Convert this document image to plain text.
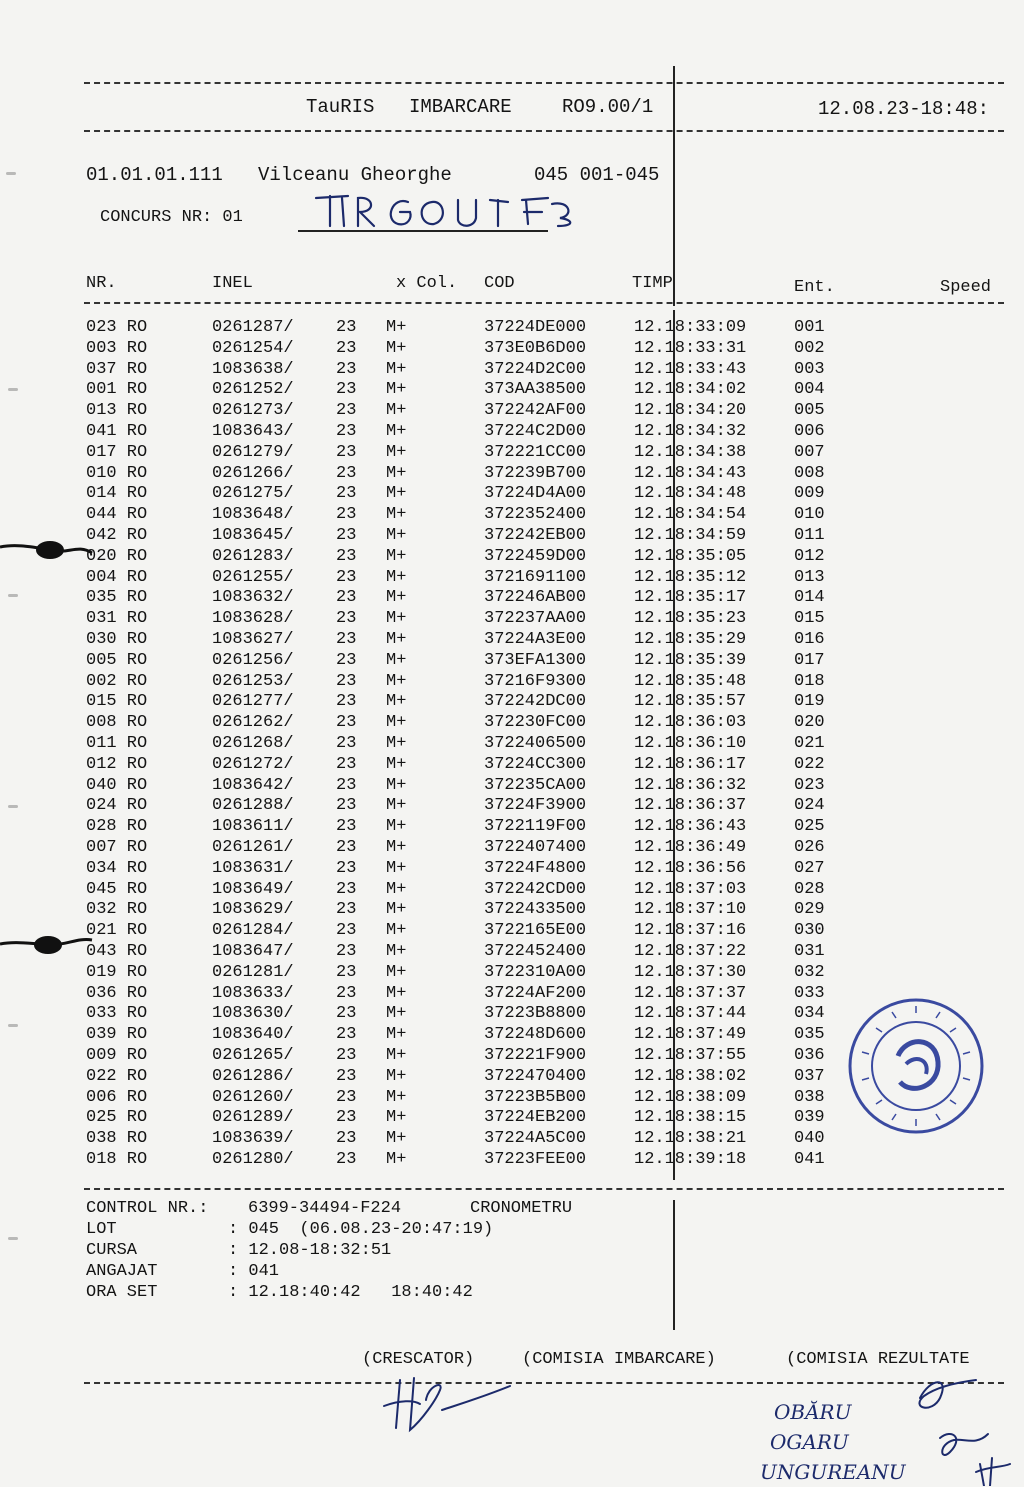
TauRIS IMBARCARE	RO9.00/1	12.08.23-18:48:
01.01.01.111 Vilceanu Gheorghe	045 001-045
CONCURS NR: 01
NR.	INEL	x Col. COD	TIMP	Ent.	Speed
023 RO	0261287/ 23 M+	37224DE000	12.18:33:09	001
003 RO	0261254/ 23 M+	373E0B6D00	12.18:33:31	002
037 RO	1083638/ 23 M+	37224D2C00	12.18:33:43	003
001 RO	0261252/ 23 M+	373AA38500	12.18:34:02	004
013 RO	0261273/ 23 M+	372242AF00	12.18:34:20	005
041 RO	1083643/ 23 M+	37224C2D00	12.18:34:32	006
017 RO	0261279/ 23 M+	372221CC00	12.18:34:38	007
010 RO	0261266/ 23 M+	372239B700	12.18:34:43	008
014 RO	0261275/ 23 M+	37224D4A00	12.18:34:48	009
044 RO	1083648/ 23 M+	3722352400	12.18:34:54	010
042 RO	1083645/ 23 M+	372242EB00	12.18:34:59	011
020 RO	0261283/ 23 M+	3722459D00	12.18:35:05	012
004 RO	0261255/ 23 M+	3721691100	12.18:35:12	013
035 RO	1083632/ 23 M+	372246AB00	12.18:35:17	014
031 RO	1083628/ 23 M+	372237AA00	12.18:35:23	015
030 RO	1083627/ 23 M+	37224A3E00	12.18:35:29	016
005 RO	0261256/ 23 M+	373EFA1300	12.18:35:39	017
002 RO	0261253/ 23 M+	37216F9300	12.18:35:48	018
015 RO	0261277/ 23 M+	372242DC00	12.18:35:57	019
008 RO	0261262/ 23 M+	372230FC00	12.18:36:03	020
011 RO	0261268/ 23 M+	3722406500	12.18:36:10	021
012 RO	0261272/ 23 M+	37224CC300	12.18:36:17	022
040 RO	1083642/ 23 M+	372235CA00	12.18:36:32	023
024 RO	0261288/ 23 M+	37224F3900	12.18:36:37	024
028 RO	1083611/ 23 M+	3722119F00	12.18:36:43	025
007 RO	0261261/ 23 M+	3722407400	12.18:36:49	026
034 RO	1083631/ 23 M+	37224F4800	12.18:36:56	027
045 RO	1083649/ 23 M+	372242CD00	12.18:37:03	028
032 RO	1083629/ 23 M+	3722433500	12.18:37:10	029
021 RO	0261284/ 23 M+	3722165E00	12.18:37:16	030
043 RO	1083647/ 23 M+	3722452400	12.18:37:22	031
019 RO	0261281/ 23 M+	3722310A00	12.18:37:30	032
036 RO	1083633/ 23 M+	37224AF200	12.18:37:37	033
033 RO	1083630/ 23 M+	37223B8800	12.18:37:44	034
039 RO	1083640/ 23 M+	372248D600	12.18:37:49	035
009 RO	0261265/ 23 M+	372221F900	12.18:37:55	036
022 RO	0261286/ 23 M+	3722470400	12.18:38:02	037
006 RO	0261260/ 23 M+	37223B5B00	12.18:38:09	038
025 RO	0261289/ 23 M+	37224EB200	12.18:38:15	039
038 RO	1083639/ 23 M+	37224A5C00	12.18:38:21	040
018 RO	0261280/ 23 M+	37223FEE00	12.18:39:18	041
CONTROL NR.: 6399-34494-F224	CRONOMETRU
LOT	: 045  (06.08.23-20:47:19)
CURSA	: 12.08-18:32:51
ANGAJAT	: 041
ORA SET	: 12.18:40:42   18:40:42
(CRESCATOR)	(COMISIA IMBARCARE)	(COMISIA REZULTATE
OBĂRU
OGARU
UNGUREANU
